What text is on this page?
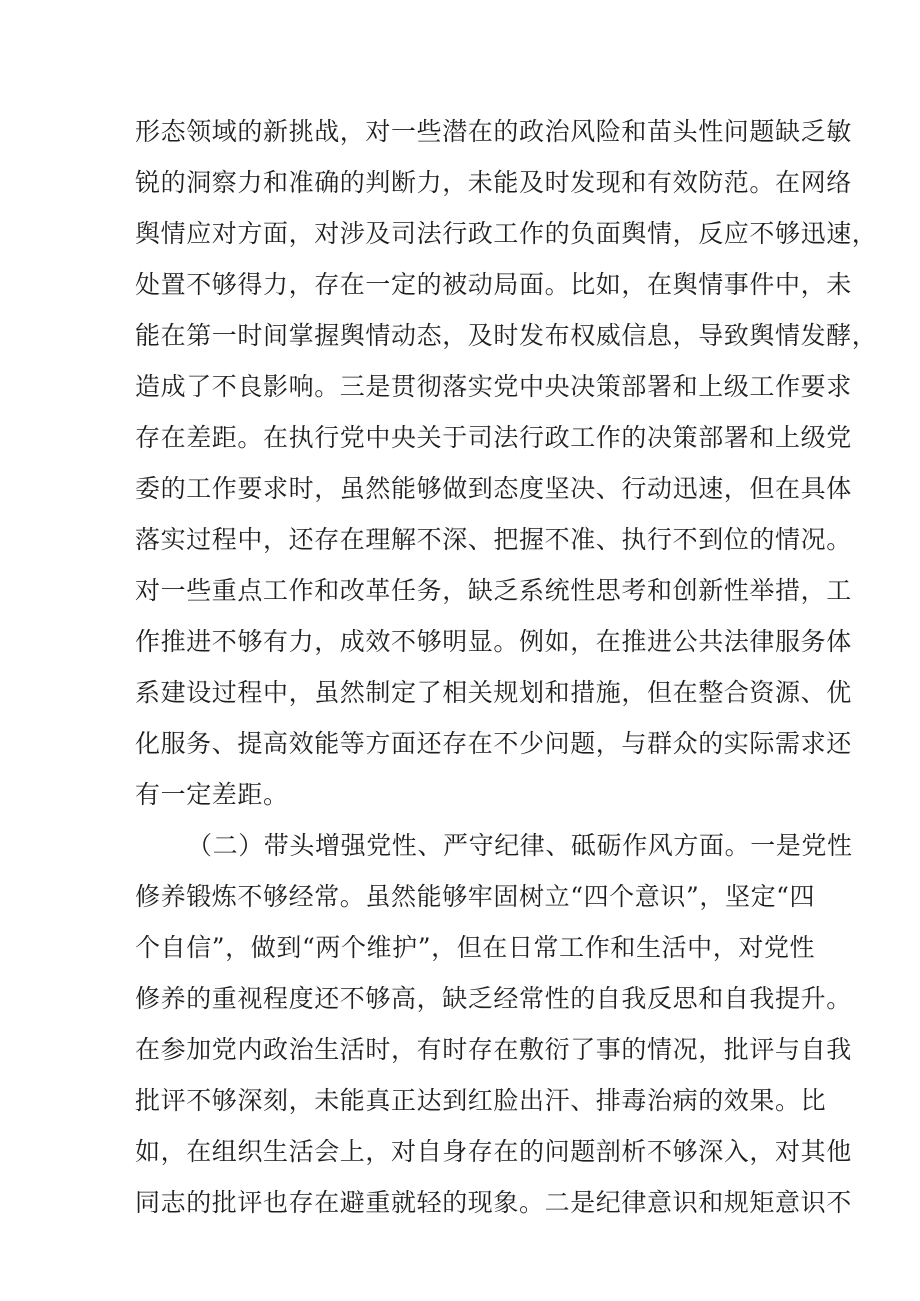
形态领域的新挑战，对一些潜在的政治风险和苗头性问题缺乏敏
锐的洞察力和准确的判断力，未能及时发现和有效防范。在网络
舆情应对方面，对涉及司法行政工作的负面舆情，反应不够迅速，
处置不够得力，存在一定的被动局面。比如，在舆情事件中，未
能在第一时间掌握舆情动态，及时发布权威信息，导致舆情发酵，
造成了不良影响。三是贯彻落实党中央决策部署和上级工作要求
存在差距。在执行党中央关于司法行政工作的决策部署和上级党
委的工作要求时，虽然能够做到态度坚决、行动迅速，但在具体
落实过程中，还存在理解不深、把握不准、执行不到位的情况。
对一些重点工作和改革任务，缺乏系统性思考和创新性举措，工
作推进不够有力，成效不够明显。例如，在推进公共法律服务体
系建设过程中，虽然制定了相关规划和措施，但在整合资源、优
化服务、提高效能等方面还存在不少问题，与群众的实际需求还
有一定差距。
（二）带头增强党性、严守纪律、砥砺作风方面。一是党性
修养锻炼不够经常。虽然能够牢固树立“四个意识”，坚定“四
个自信”，做到“两个维护”，但在日常工作和生活中，对党性
修养的重视程度还不够高，缺乏经常性的自我反思和自我提升。
在参加党内政治生活时，有时存在敷衍了事的情况，批评与自我
批评不够深刻，未能真正达到红脸出汗、排毒治病的效果。比
如，在组织生活会上，对自身存在的问题剖析不够深入，对其他
同志的批评也存在避重就轻的现象。二是纪律意识和规矩意识不
